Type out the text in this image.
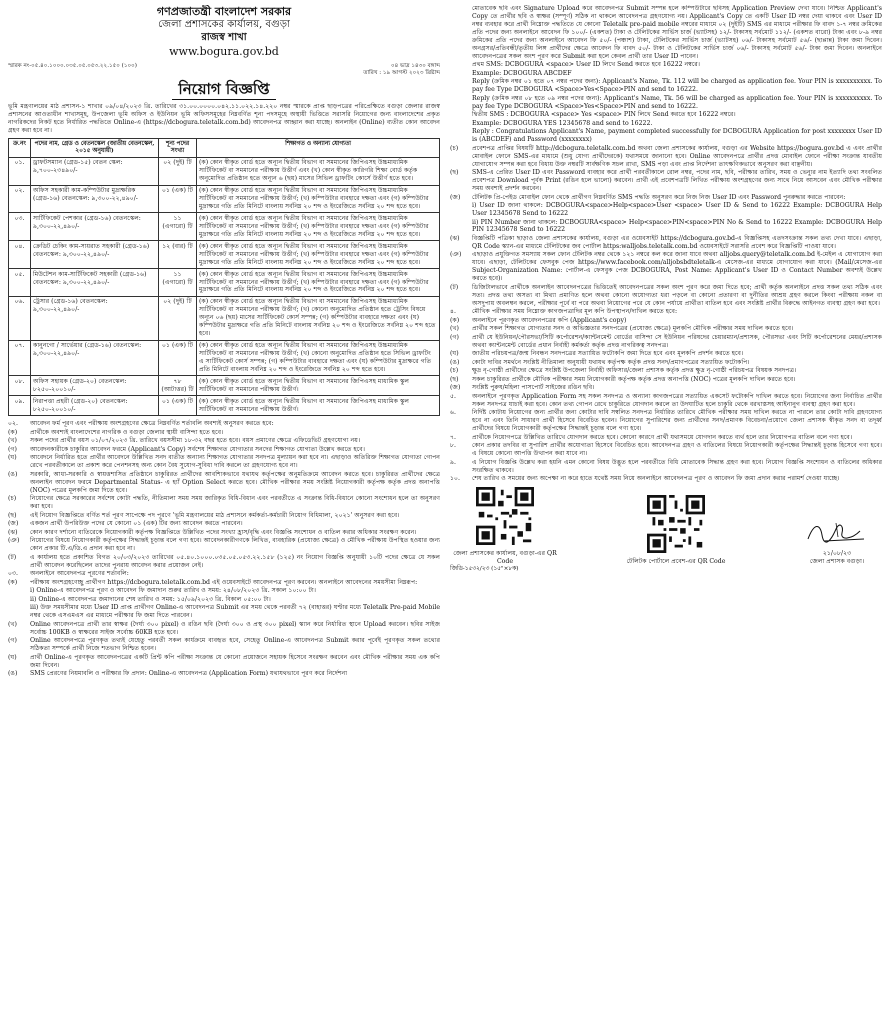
গণপ্রজাতন্ত্রী বাংলাদেশ সরকার
জেলা প্রশাসকের কার্যালয়, বগুড়া
রাজস্ব শাখা
www.bogura.gov.bd
স্মারক নং-০৫.৪০.১০০০.০৩৫.০৫.০৫৩.২২.১৫০ (১০০)	০৪ ভাদ্র ১৪৩০ বঙ্গাব্দ
তারিখ : ১৯ আগস্ট ২০২৩ খ্রিষ্টাব্দ
নিয়োগ বিজ্ঞপ্তি
ভূমি মন্ত্রণালয়ের মাঠ প্রশাসন-১ শাখার ০৯/০৪/২০২৩ খ্রি. তারিখের ৩১.০০.০০০০.০৪২.১১.০২২.১৪.২২০ নম্বর স্মারকে প্রাপ্ত ছাড়পত্রের পরিপ্রেক্ষিতে বগুড়া জেলার রাজস্ব প্রশাসনের আওতাধীন শাখাসমূহ, উপজেলা ভূমি অফিস ও ইউনিয়ন ভূমি অফিসসমূহের নিম্নবর্ণিত শূন্য পদসমূহে অস্থায়ী ভিত্তিতে সরাসরি নিয়োগের জন্য বাংলাদেশের প্রকৃত নাগরিকদের নিকট হতে নির্ধারিত পদ্ধতিতে Online-এ (https://dcbogura.teletalk.com.bd) আবেদনপত্র আহ্বান করা যাচ্ছে। অনলাইন (Online) ব্যতীত কোন আবেদন গ্রহণ করা হবে না।
ক্র.নং	পদের নাম, গ্রেড ও বেতনস্কেল (জাতীয় বেতনস্কেল, ২০১৫ অনুযায়ী)	শূন্য পদের সংখ্যা	শিক্ষাগত ও অন্যান্য যোগ্যতা
০১.	ড্রাফটসম্যান (গ্রেড-১৫) বেতন স্কেল: ৯,৭০০-২৩৪৯০/-	০২ (দুই) টি	(ক) কোন স্বীকৃত বোর্ড হতে অন্যূন দ্বিতীয় বিভাগ বা সমমানের জিপিএসহ উচ্চমাধ্যমিক সার্টিফিকেট বা সমমানের পরীক্ষায় উত্তীর্ণ এবং (খ) কোন স্বীকৃত কারিগরি শিক্ষা বোর্ড কর্তৃক অনুমোদিত প্রতিষ্ঠান হতে অন্যূন ৬ (ছয়) মাসের সিভিল ড্রাফটিং কোর্সে উত্তীর্ণ হতে হবে।
০২.	অফিস সহকারী কাম-কম্পিউটার মুদ্রাক্ষরিক (গ্রেড-১৬) বেতনস্কেল: ৯,৩০০-২২,৪৯০/-	০১ (এক) টি	(ক) কোন স্বীকৃত বোর্ড হতে অন্যূন দ্বিতীয় বিভাগ বা সমমানের জিপিএসহ উচ্চমাধ্যমিক সার্টিফিকেট বা সমমানের পরীক্ষায় উত্তীর্ণ; (খ) কম্পিউটার ব্যবহারে দক্ষতা এবং (গ) কম্পিউটার মুদ্রাক্ষরে গতি প্রতি মিনিটে বাংলায় সর্বনিম্ন ২০ শব্দ ও ইংরেজিতে সর্বনিম্ন ২০ শব্দ হতে হবে।
০৩.	সার্টিফিকেট পেশকার (গ্রেড-১৬) বেতনস্কেল: ৯,৩০০-২২,৪৯০/-	১১ (এগারো) টি	(ক) কোন স্বীকৃত বোর্ড হতে অন্যূন দ্বিতীয় বিভাগ বা সমমানের জিপিএসহ উচ্চমাধ্যমিক সার্টিফিকেট বা সমমানের পরীক্ষায় উত্তীর্ণ; (খ) কম্পিউটার ব্যবহারে দক্ষতা এবং (গ) কম্পিউটার মুদ্রাক্ষরে গতি প্রতি মিনিটে বাংলায় সর্বনিম্ন ২০ শব্দ ও ইংরেজিতে সর্বনিম্ন ২০ শব্দ হতে হবে।
০৪.	ক্রেডিট চেকিং কাম-সায়রাত সহকারী (গ্রেড-১৬) বেতনস্কেল: ৯,৩০০-২২,৪৯০/-	১২ (বার) টি	(ক) কোন স্বীকৃত বোর্ড হতে অন্যূন দ্বিতীয় বিভাগ বা সমমানের জিপিএসহ উচ্চমাধ্যমিক সার্টিফিকেট বা সমমানের পরীক্ষায় উত্তীর্ণ; (খ) কম্পিউটার ব্যবহারে দক্ষতা এবং (গ) কম্পিউটার মুদ্রাক্ষরে গতি প্রতি মিনিটে বাংলায় সর্বনিম্ন ২০ শব্দ ও ইংরেজিতে সর্বনিম্ন ২০ শব্দ হতে হবে।
০৫.	মিউটেশন কাম-সার্টিফিকেট সহকারী (গ্রেড-১৬) বেতনস্কেল: ৯,৩০০-২২,৪৯০/-	১১ (এগারো) টি	(ক) কোন স্বীকৃত বোর্ড হতে অন্যূন দ্বিতীয় বিভাগ বা সমমানের জিপিএসহ উচ্চমাধ্যমিক সার্টিফিকেট বা সমমানের পরীক্ষায় উত্তীর্ণ; (খ) কম্পিউটার ব্যবহারে দক্ষতা এবং (গ) কম্পিউটার মুদ্রাক্ষরে গতি প্রতি মিনিটে বাংলায় সর্বনিম্ন ২০ শব্দ ও ইংরেজিতে সর্বনিম্ন ২০ শব্দ হতে হবে।
০৬.	ট্রেসার (গ্রেড-১৬) বেতনস্কেল: ৯,৩০০-২২,৪৯০/-	০২ (দুই) টি	(ক) কোন স্বীকৃত বোর্ড হতে অন্যূন দ্বিতীয় বিভাগ বা সমমানের জিপিএসহ উচ্চমাধ্যমিক সার্টিফিকেট বা সমমানের পরীক্ষায় উত্তীর্ণ; (খ) কোনো অনুমোদিত প্রতিষ্ঠান হতে ট্রেসিং বিষয়ে অন্যূন ০৬ (ছয়) মাসের সার্টিফিকেট কোর্স সম্পন্ন; (গ) কম্পিউটার ব্যবহারে দক্ষতা এবং (ঘ) কম্পিউটার মুদ্রাক্ষরে গতি প্রতি মিনিটে বাংলায় সর্বনিম্ন ২০ শব্দ ও ইংরেজিতে সর্বনিম্ন ২০ শব্দ হতে হবে।
০৭.	কানুনগো / সার্ভেয়ার (গ্রেড-১৬) বেতনস্কেল: ৯,৩০০-২২,৪৯০/-	০১ (এক) টি	(ক) কোন স্বীকৃত বোর্ড হতে অন্যূন দ্বিতীয় বিভাগ বা সমমানের জিপিএসহ উচ্চমাধ্যমিক সার্টিফিকেট বা সমমানের পরীক্ষায় উত্তীর্ণ; (খ) কোনো অনুমোদিত প্রতিষ্ঠান হতে সিভিল ড্রাফটিং এ সার্টিফিকেট কোর্স সম্পন্ন; (গ) কম্পিউটার ব্যবহারে দক্ষতা এবং (ঘ) কম্পিউটার মুদ্রাক্ষরে গতি প্রতি মিনিটে বাংলায় সর্বনিম্ন ২০ শব্দ ও ইংরেজিতে সর্বনিম্ন ২০ শব্দ হতে হবে।
০৮.	অফিস সহায়ক (গ্রেড-২০) বেতনস্কেল: ৮২৫০-২০০১০/-	৭৮ (আটাত্তর) টি	(ক) কোন স্বীকৃত বোর্ড হতে অন্যূন দ্বিতীয় বিভাগ বা সমমানের জিপিএসহ মাধ্যমিক স্কুল সার্টিফিকেট বা সমমানের পরীক্ষায় উত্তীর্ণ।
০৯.	নিরাপত্তা প্রহরী (গ্রেড-২০) বেতনস্কেল: ৮২৫০-২০০১০/-	০১ (এক) টি	(ক) কোন স্বীকৃত বোর্ড হতে অন্যূন দ্বিতীয় বিভাগ বা সমমানের জিপিএসহ মাধ্যমিক স্কুল সার্টিফিকেট বা সমমানের পরীক্ষায় উত্তীর্ণ।
০২.	আবেদন ফর্ম পূরণ এবং পরীক্ষায় অংশগ্রহণের ক্ষেত্রে নিম্নবর্ণিত শর্তাবলি অবশ্যই অনুসরণ করতে হবে:
(ক)	প্রার্থীকে অবশ্যই বাংলাদেশের নাগরিক ও বগুড়া জেলার স্থায়ী বাসিন্দা হতে হবে।
(খ)	সকল পদের প্রার্থীর বয়স ০১/০৭/২০২৩ খ্রি. তারিখে বয়সসীমা ১৮-৩২ বছর হতে হবে। বয়স প্রমাণের ক্ষেত্রে এফিডেভিট গ্রহণযোগ্য নয়।
(গ)	আবেদনকারীকে চাকুরির আবেদন ফরমে (Applicant's Copy) সর্বশেষ শিক্ষাগত যোগ্যতার সনদের শিক্ষাগত যোগ্যতা উল্লেখ করতে হবে।
(ঘ)	আবেদনে নির্ধারিত হতে প্রার্থীর আবেদনে উল্লিখিত সনদ ব্যতীত অন্যান্য শিক্ষাগত যোগ্যতার সনদপত্র মূল্যায়ন করা হবে না। এছাড়াও অতিরিক্ত শিক্ষাগত যোগ্যতা গোপন রেখে পরবর্তীকালে তা প্রকাশ করে পেনশনসহ অন্য কোন বৈধ সুযোগ-সুবিধা দাবি করলে তা গ্রহণযোগ্য হবে না।
(ঙ)	সরকারি, আধা-সরকারি ও স্বায়ত্তশাসিত প্রতিষ্ঠানে চাকুরিরত প্রার্থীদের আবশ্যিকভাবে যথাযথ কর্তৃপক্ষের অনুমতিক্রমে আবেদন করতে হবে। চাকুরিরত প্রার্থীদের ক্ষেত্রে অনলাইন আবেদন ফরমে Departmental Status- এ হ্যাঁ Option Select করতে হবে। মৌখিক পরীক্ষার সময় সংশ্লিষ্ট নিয়োগকারী কর্তৃপক্ষ কর্তৃক প্রদত্ত অনাপত্তি (NOC) পত্রের মূলকপি জমা দিতে হবে।
(চ)	নিয়োগের ক্ষেত্রে সরকারের সর্বশেষ কোটা পদ্ধতি, নীতিমালা সময় সময় জারিকৃত বিধি-বিধান এবং পরবর্তীতে এ সংক্রান্ত বিধি-বিধানে কোনো সংশোধন হলে তা অনুসরণ করা হবে।
(ছ)	এই নিয়োগ বিজ্ঞপ্তিতে বর্ণিত শর্ত পূরণ সাপেক্ষে পদ পূরণে 'ভূমি মন্ত্রণালয়ের মাঠ প্রশাসনে কর্মকর্তা-কর্মচারী নিয়োগ বিধিমালা, ২০২১' অনুসরণ করা হবে।
(জ)	একজন প্রার্থী উপরিউক্ত পদের যে কোনো ০১ (এক) টির জন্য আবেদন করতে পারবেন।
(ঝ)	কোন কারণ দর্শানো ব্যতিরেকে নিয়োগকারী কর্তৃপক্ষ বিজ্ঞপ্তিতে উল্লিখিত পদের সংখ্যা হ্রাস/বৃদ্ধি এবং বিজ্ঞপ্তি সংশোধন ও বাতিল করার অধিকার সংরক্ষণ করেন।
(ঞ)	নিয়োগের বিষয়ে নিয়োগকারী কর্তৃপক্ষের সিদ্ধান্তই চূড়ান্ত বলে গণ্য হবে। আবেদনকারীগণকে লিখিত, ব্যবহারিক (প্রযোজ্য ক্ষেত্রে) ও মৌখিক পরীক্ষায় উপস্থিত হওয়ার জন্য কোন প্রকার টি.এ/ডি.এ প্রদান করা হবে না।
(ট)	এ কার্যালয় হতে প্রকাশিত বিগত ২০/০৩/২০২৩ তারিখের ০৫.৪০.১০০০.০৩৫.০৫.০৫৩.২২.১৫৮ (১২৫) নং নিয়োগ বিজ্ঞপ্তি অনুযায়ী ১০টি পদের ক্ষেত্রে যে সকল প্রার্থী আবেদন করেছিলেন তাদের পুনরায় আবেদন করার প্রয়োজন নেই।
০৩.	অনলাইনে আবেদনপত্র পূরণের শর্তাবলি:
(ক)	পরীক্ষায় অংশগ্রহণেচ্ছু প্রার্থীগণ https://dcbogura.teletalk.com.bd এই ওয়েবসাইটে আবেদনপত্র পূরণ করবেন। অনলাইনে আবেদনের সময়সীমা নিম্নরূপ:
i) Online-এ আবেদনপত্র পূরণ ও আবেদন ফি জমাদান শুরুর তারিখ ও সময়: ২৪/০৮/২০২৩ খ্রি. সকাল ১০:০০ টা।
ii) Online-এ আবেদনপত্র জমাদানের শেষ তারিখ ও সময়: ১৫/০৯/২০২৩ খ্রি. বিকাল ০৫:০০ টা।
iii) উক্ত সময়সীমার মধ্যে User ID প্রাপ্ত প্রার্থীগণ Online-এ আবেদনপত্র Submit এর সময় থেকে পরবর্তী ৭২ (বাহাত্তর) ঘণ্টার মধ্যে Teletalk Pre-paid Mobile নম্বর থেকে এসএমএস এর মাধ্যমে পরীক্ষার ফি জমা দিতে পারবেন।
(খ)	Online আবেদনপত্রে প্রার্থী তার স্বাক্ষর (দৈর্ঘ্য ৩০০ pixel) ও রঙিন ছবি (দৈর্ঘ্য ৩০০ ও প্রস্থ ৩০০ pixel) স্ক্যান করে নির্ধারিত স্থানে Upload করবেন। ছবির সাইজ সর্বোচ্চ 100KB ও স্বাক্ষরের সাইজ সর্বোচ্চ 60KB হতে হবে।
(গ)	Online আবেদনপত্রে পূরণকৃত তথ্যই যেহেতু পরবর্তী সকল কার্যক্রমে ব্যবহৃত হবে, সেহেতু Online-এ আবেদনপত্র Submit করার পূর্বেই পূরণকৃত সকল তথ্যের সঠিকতা সম্পর্কে প্রার্থী নিজে শতভাগ নিশ্চিত হবেন।
(ঘ)	প্রার্থী Online-এ পূরণকৃত আবেদনপত্রের একটি প্রিন্ট কপি পরীক্ষা সংক্রান্ত যে কোনো প্রয়োজনে সহায়ক হিসেবে সংরক্ষণ করবেন এবং মৌখিক পরীক্ষার সময় এক কপি জমা দিবেন।
(ঙ)	SMS প্রেরণের নিয়মাবলি ও পরীক্ষার ফি প্রদান: Online-এ আবেদনপত্র (Application Form) যথাযথভাবে পূরণ করে নির্দেশনা
মোতাবেক ছবি এবং Signature Upload করে আবেদনপত্র Submit সম্পন্ন হলে কম্পিউটারে ছবিসহ Application Preview দেখা যাবে। নিশ্চিত Applicant's Copy তে প্রার্থীর ছবি ও স্বাক্ষর (সম্পূর্ণ) সঠিক না থাকলে আবেদনপত্র গ্রহণযোগ্য নয়। Applicant's Copy তে একটি User ID নম্বর দেয়া থাকবে এবং User ID নম্বর ব্যবহার করে প্রার্থী নিম্নোক্ত পদ্ধতিতে যে কোনো Teletalk pre-paid mobile নম্বরের মাধ্যমে ০২ (দুইটি) SMS এর মাধ্যমে পরীক্ষার ফি বাবদ ১-৭ নম্বর ক্রমিকের প্রতি পদের জন্য অনলাইনে আবেদন ফি ১০০/- (একশত) টাকা ও টেলিটকের সার্ভিস চার্জ (ভ্যাটসহ) ১২/- টাকাসহ সর্বমোট ১১২/- (একশত বারো) টাকা এবং ৮-৯ নম্বর ক্রমিকের প্রতি পদের জন্য অনলাইনে আবেদন ফি ৫০/- (পঞ্চাশ) টাকা, টেলিটকের সার্ভিস চার্জ (ভ্যাটসহ) ০৬/- টাকাসহ সর্বমোট ৫৬/- (ছাপ্পান্ন) টাকা জমা দিবেন। অনগ্রসর/প্রতিবন্ধী/তৃতীয় লিঙ্গ প্রার্থীদের ক্ষেত্রে আবেদন ফি বাবদ ৫০/- টাকা ও টেলিটকের সার্ভিস চার্জ ০৬/- টাকাসহ সর্বমোট ৫৬/- টাকা জমা দিবেন। অনলাইনে আবেদনপত্রের সকল অংশ পূরণ করে Submit করা হলে কেবল প্রার্থী তার User ID পাবেন।
প্রথম SMS: DCBOGURA <space> User ID লিখে Send করতে হবে 16222 নম্বরে।
Example: DCBOGURA ABCDEF
Reply (ক্রমিক নম্বর ০১ হতে ০৭ নম্বর পদের জন্য): Applicant's Name, Tk. 112 will be charged as application fee. Your PIN is xxxxxxxxxx. To pay fee Type DCBOGURA <Space>Yes<Space>PIN and send to 16222.
Reply (ক্রমিক নম্বর ০৮ হতে ০৯ নম্বর পদের জন্য): Applicant's Name, Tk. 56 will be charged as application fee. Your PIN is xxxxxxxxxx. To pay fee Type DCBOGURA <Space>Yes<Space>PIN and send to 16222.
দ্বিতীয় SMS : DCBOGURA <space> Yes <space> PIN লিখে Send করতে হবে 16222 নম্বরে।
Example: DCBOGURA YES 12345678 and send to 16222.
Reply : Congratulations Applicant's Name, payment completed successfully for DCBOGURA Application for post xxxxxxxx User ID is (ABCDEF) and Password (xxxxxxxx)
(চ)	প্রবেশপত্র প্রাপ্তির বিষয়টি http://dcbogura.teletalk.com.bd অথবা জেলা প্রশাসকের কার্যালয়, বগুড়া এর Website https://bogura.gov.bd এ এবং প্রার্থীর মোবাইল ফোনে SMS-এর মাধ্যমে (শুধু যোগ্য প্রার্থীদেরকে) যথাসময়ে জানানো হবে। Online আবেদনপত্রে প্রার্থীর প্রদত্ত মোবাইল ফোনে পরীক্ষা সংক্রান্ত যাবতীয় যোগাযোগ সম্পন্ন করা হবে বিধায় উক্ত নম্বরটি সার্বক্ষণিক সচল রাখা, SMS পড়া এবং প্রাপ্ত নির্দেশনা তাৎক্ষণিকভাবে অনুসরণ করা বাঞ্ছনীয়।
(ছ)	SMS-এ প্রেরিত User ID এবং Password ব্যবহার করে প্রার্থী পরবর্তীকালে রোল নম্বর, পদের নাম, ছবি, পরীক্ষার তারিখ, সময় ও ভেন্যুর নাম ইত্যাদি তথ্য সংবলিত প্রবেশপত্র Download পূর্বক Print (রঙিন হলে ভালো) করবেন। প্রার্থী এই প্রবেশপত্রটি লিখিত পরীক্ষায় অংশগ্রহণের জন্য সাথে নিয়ে আসবেন এবং মৌখিক পরীক্ষার সময় অবশ্যই প্রদর্শন করবেন।
(জ)	টেলিটক প্রি-পেইড মোবাইল ফোন থেকে প্রার্থীগণ নিম্নবর্ণিত SMS পদ্ধতি অনুসরণ করে নিজ নিজ User ID এবং Password পুনরুদ্ধার করতে পারবেন:
i) User ID জানা থাকলে: DCBOGURA<space>Help<space>User <space> User ID & Send to 16222 Example: DCBOGURA Help User 12345678 Send to 16222
ii) PIN Number জানা থাকলে: DCBOGURA<space> Help<space>PIN<space>PIN No & Send to 16222 Example: DCBOGURA Help PIN 12345678 Send to 16222
(ঝ)	বিজ্ঞপ্তিটি পত্রিকা ছাড়াও জেলা প্রশাসকের কার্যালয়, বগুড়া এর ওয়েবসাইট https://dcbogura.gov.bd-এ বিজ্ঞপ্তিসহ এতদসংক্রান্ত সকল তথ্য দেখা যাবে। এছাড়া, QR Code স্ক্যান-এর মাধ্যমে টেলিটকের জব পোর্টাল https:walljobs.teletalk.com.bd ওয়েবসাইটে সরাসরি প্রবেশ করে বিজ্ঞপ্তিটি পাওয়া যাবে।
(ঞ)	এছাড়াও প্রযুক্তিগত সমস্যায় সকল ফোন টেলিটক নম্বর থেকে ১২১ নম্বরে কল করে জানা যাবে অথবা alljobs.query@teletalk.com.bd ই-মেইল এ যোগাযোগ করা যাবে। এছাড়া, টেলিটকের ফেসবুক পেজ https://www.facebook.com/alljobsbdteletalk-এ মেসেজ-এর মাধ্যমে যোগাযোগ করা যাবে। (Mail/মেসেজ-এর Subject-Organization Name: পোর্টাল-এ ফেসবুক পেজ DCBOGURA, Post Name: Applicant's User ID ও Contact Number অবশ্যই উল্লেখ করতে হবে)।
(ট)	ডিজিটালভাবে প্রার্থীকে অনলাইন আবেদনপত্রের ভিত্তিতেই আবেদনপত্রের সকল অংশ পূরণ করে জমা দিতে হবে; প্রার্থী কর্তৃক অনলাইনে প্রদত্ত সকল তথ্য সঠিক এবং সত্য। প্রদত্ত তথ্য অসত্য বা মিথ্যা প্রমাণিত হলে অথবা কোনো অযোগ্যতা ধরা পড়লে বা কোনো প্রতারণা বা দুর্নীতির আশ্রয় গ্রহণ করলে কিংবা পরীক্ষায় নকল বা অসদুপায় অবলম্বন করলে, পরীক্ষার পূর্বে বা পরে অথবা নিয়োগের পরে যে কোন পর্যায়ে প্রার্থীতা বাতিল হবে এবং সংশ্লিষ্ট প্রার্থীর বিরুদ্ধে আইনগত ব্যবস্থা গ্রহণ করা হবে।
৪.	মৌখিক পরীক্ষার সময় নিম্নোক্ত কাগজপত্রাদির মূল কপি উপস্থাপন/দাখিল করতে হবে:
(ক)	অনলাইনে পূরণকৃত আবেদনপত্রের কপি (Applicant's copy)
(খ)	প্রার্থীর সকল শিক্ষাগত যোগ্যতার সনদ ও অভিজ্ঞতার সনদপত্রের (প্রযোজ্য ক্ষেত্রে) মূলকপি মৌখিক পরীক্ষার সময় দাখিল করতে হবে।
(গ)	প্রার্থী যে ইউনিয়ন/পৌরসভা/সিটি কর্পোরেশন/ক্যান্টনমেন্ট বোর্ডের বাসিন্দা সে ইউনিয়ন পরিষদের চেয়ারম্যান/প্রশাসক, পৌরসভা এবং সিটি কর্পোরেশনের মেয়র/প্রশাসক অথবা ক্যান্টনমেন্ট বোর্ডের প্রধান নির্বাহী কর্মকর্তা কর্তৃক প্রদত্ত নাগরিকত্ব সনদপত্র।
(ঘ)	জাতীয় পরিচয়পত্র/জন্ম নিবন্ধন সনদপত্রের সত্যায়িত ফটোকপি জমা দিতে হবে এবং মূলকপি প্রদর্শন করতে হবে।
(ঙ)	কোটা দাবির সমর্থনে সংশ্লিষ্ট নীতিমালা অনুযায়ী যথাযথ কর্তৃপক্ষ কর্তৃক প্রদত্ত সনদ/প্রমাণপত্রের সত্যায়িত ফটোকপি।
(চ)	ক্ষুদ্র নৃ-গোষ্ঠী প্রার্থীদের ক্ষেত্রে সংশ্লিষ্ট উপজেলা নির্বাহী অফিসার/জেলা প্রশাসক কর্তৃক প্রদত্ত ক্ষুদ্র নৃ-গোষ্ঠী পরিচয়পত্র বিষয়ক সনদপত্র।
(ছ)	সকল চাকুরিরত প্রার্থীকে মৌখিক পরীক্ষার সময় নিয়োগকারী কর্তৃপক্ষ কর্তৃক প্রদত্ত অনাপত্তি (NOC) পত্রের মূলকপি দাখিল করতে হবে।
(জ)	সংশ্লিষ্ট পুরুষ/মহিলা পাসপোর্ট সাইজের রঙিন ছবি।
৫.	অনলাইনে পূরণকৃত Application Form সহ সকল সনদপত্র ও অন্যান্য কাগজপত্রের সত্যায়িত একসেট ফটোকপি দাখিল করতে হবে। নিয়োগের জন্য নির্বাচিত প্রার্থীর সকল সনদপত্র যাচাই করা হবে। কোন তথ্য গোপন রেখে চাকুরিতে যোগদান করলে তা উদঘাটিত হলে চাকুরি থেকে বরখাস্তসহ আইনানুগ ব্যবস্থা গ্রহণ করা হবে।
৬.	নির্দিষ্ট কোটায় নিয়োগের জন্য প্রার্থীর জন্য কোটার দাবি সম্বলিত সনদপত্র নির্ধারিত তারিখে মৌখিক পরীক্ষার সময় দাখিল করতে না পারলে তার কোটা দাবি গ্রহণযোগ্য হবে না এবং তিনি সাধারণ প্রার্থী হিসেবে বিবেচিত হবেন। নিয়োগের সুপারিশের জন্য প্রার্থীদের সনদ/প্রমাণক বিবেচনা/প্রয়োগে জেলা প্রশাসক স্বীকৃত সনদ বা তদূর্ধ্ব প্রার্থীদের বিষয়ে নিয়োগকারী কর্তৃপক্ষের সিদ্ধান্তই চূড়ান্ত বলে গণ্য হবে।
৭.	প্রার্থীকে নিয়োগপত্রে উল্লিখিত তারিখে যোগদান করতে হবে। কোনো কারণে প্রার্থী যথাসময়ে যোগদান করতে ব্যর্থ হলে তার নিয়োগপত্র বাতিল বলে গণ্য হবে।
৮.	কোন প্রকার তদবির বা সুপারিশ প্রার্থীর অযোগ্যতা হিসেবে বিবেচিত হবে। আবেদনপত্র গ্রহণ ও বাতিলের বিষয়ে নিয়োগকারী কর্তৃপক্ষের সিদ্ধান্তই চূড়ান্ত হিসেবে গণ্য হবে। এ বিষয়ে কোনো আপত্তি উত্থাপন করা যাবে না।
৯.	এ নিয়োগ বিজ্ঞপ্তি উল্লেখ করা হয়নি এমন কোনো বিষয় উদ্ভূত হলে পরবর্তীতে বিধি মোতাবেক সিদ্ধান্ত গ্রহণ করা হবে। নিয়োগ বিজ্ঞপ্তি সংশোধন ও বাতিলের অধিকার সংরক্ষিত থাকবে।
১০.	শেষ তারিখ ও সময়ের জন্য অপেক্ষা না করে হাতে যথেষ্ট সময় নিয়ে অনলাইনে আবেদনপত্র পূরণ ও আবেদন ফি জমা প্রদান করার পরামর্শ দেওয়া যাচ্ছে।
জেলা প্রশাসকের কার্যালয়, বগুড়া-এর QR Code	টেলিটক পোর্টালে প্রবেশ-এর QR Code
২১/০৮/২৩
জেলা প্রশাসক বগুড়া।
জিডি-১৫৩২/২৩ (১৫"×৮ক)
